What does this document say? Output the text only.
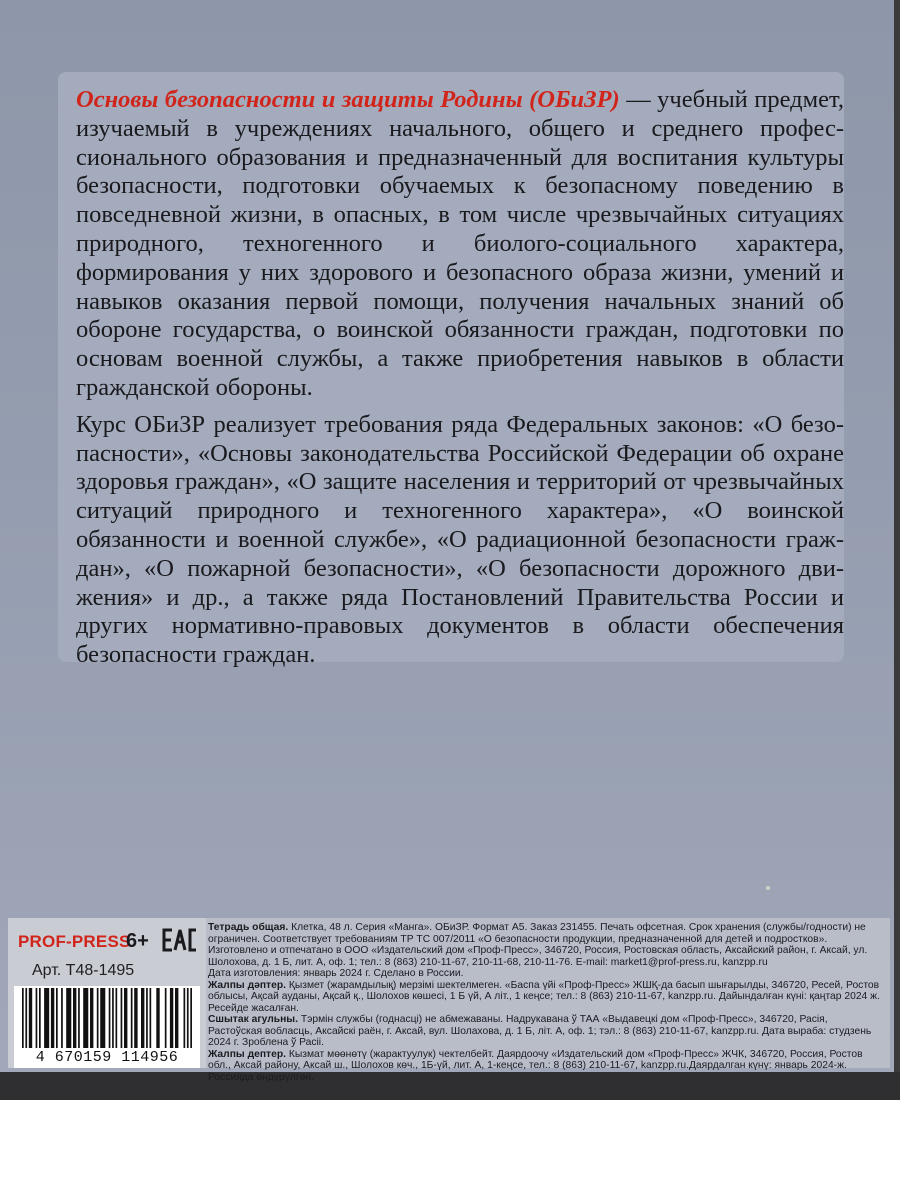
Основы безопасности и защиты Родины (ОБиЗР) — учебный предмет, изучаемый в учреждениях начального, общего и среднего профессионального образования и предназначенный для воспитания культуры безопасности, подготовки обучаемых к безопасному поведению в повседневной жизни, в опасных, в том числе чрезвычайных ситуациях природного, техногенного и биолого-социального характера, формирования у них здорового и безопасного образа жизни, умений и навыков оказания первой помощи, получения начальных знаний об обороне государства, о воинской обязанности граждан, подготовки по основам военной службы, а также приобретения навыков в области гражданской обороны.

Курс ОБиЗР реализует требования ряда Федеральных законов: «О безопасности», «Основы законодательства Российской Федерации об охране здоровья граждан», «О защите населения и территорий от чрезвычайных ситуаций природного и техногенного характера», «О воинской обязанности и военной службе», «О радиационной безопасности граждан», «О пожарной безопасности», «О безопасности дорожного движения» и др., а также ряда Постановлений Правительства России и других нормативно-правовых документов в области обеспечения безопасности граждан.

PROF-PRESS
6+
Арт. Т48-1495
4 670159 114956

Тетрадь общая. Клетка, 48 л. Серия «Манга». ОБиЗР. Формат А5. Заказ 231455. Печать офсетная. Срок хранения (службы/годности) не ограничен. Соответствует требованиям ТР ТС 007/2011 «О безопасности продукции, предназначенной для детей и подростков». Изготовлено и отпечатано в ООО «Издательский дом «Проф-Пресс», 346720, Россия, Ростовская область, Аксайский район, г. Аксай, ул. Шолохова, д. 1 Б, лит. А, оф. 1; тел.: 8 (863) 210-11-67, 210-11-68, 210-11-76. E-mail: market1@prof-press.ru, kanzpp.ru

Дата изготовления: январь 2024 г. Сделано в России.

Жалпы дәптер. Қызмет (жарамдылық) мерзімі шектелмеген. «Баспа үйі «Проф-Пресс» ЖШҚ-да басып шығарылды, 346720, Ресей, Ростов облысы, Ақсай ауданы, Ақсай қ., Шолохов көшесі, 1 Б үй, А літ., 1 кеңсе; тел.: 8 (863) 210-11-67, kanzpp.ru. Дайындалған күні: қаңтар 2024 ж. Ресейде жасалған.

Сшытак агульны. Тэрмін службы (годнасці) не абмежаваны. Надрукавана ў ТАА «Выдавецкі дом «Проф-Пресс», 346720, Расія, Растоўская вобласць, Аксайскі раён, г. Аксай, вул. Шолахова, д. 1 Б, літ. А, оф. 1; тэл.: 8 (863) 210-11-67, kanzpp.ru. Дата выраба: студзень 2024 г. Зроблена ў Расіі.

Жалпы дептер. Кызмат мөөнөтү (жарактуулук) чектелбейт. Даярдоочу «Издательский дом «Проф-Пресс» ЖЧК, 346720, Россия, Ростов обл., Аксай району, Аксай ш., Шолохов көч., 1Б-үй, лит. А, 1-кеңсе, тел.: 8 (863) 210-11-67, kanzpp.ru.Даярдалган күнү: январь 2024-ж. Россияда өндүрүлгөн.
